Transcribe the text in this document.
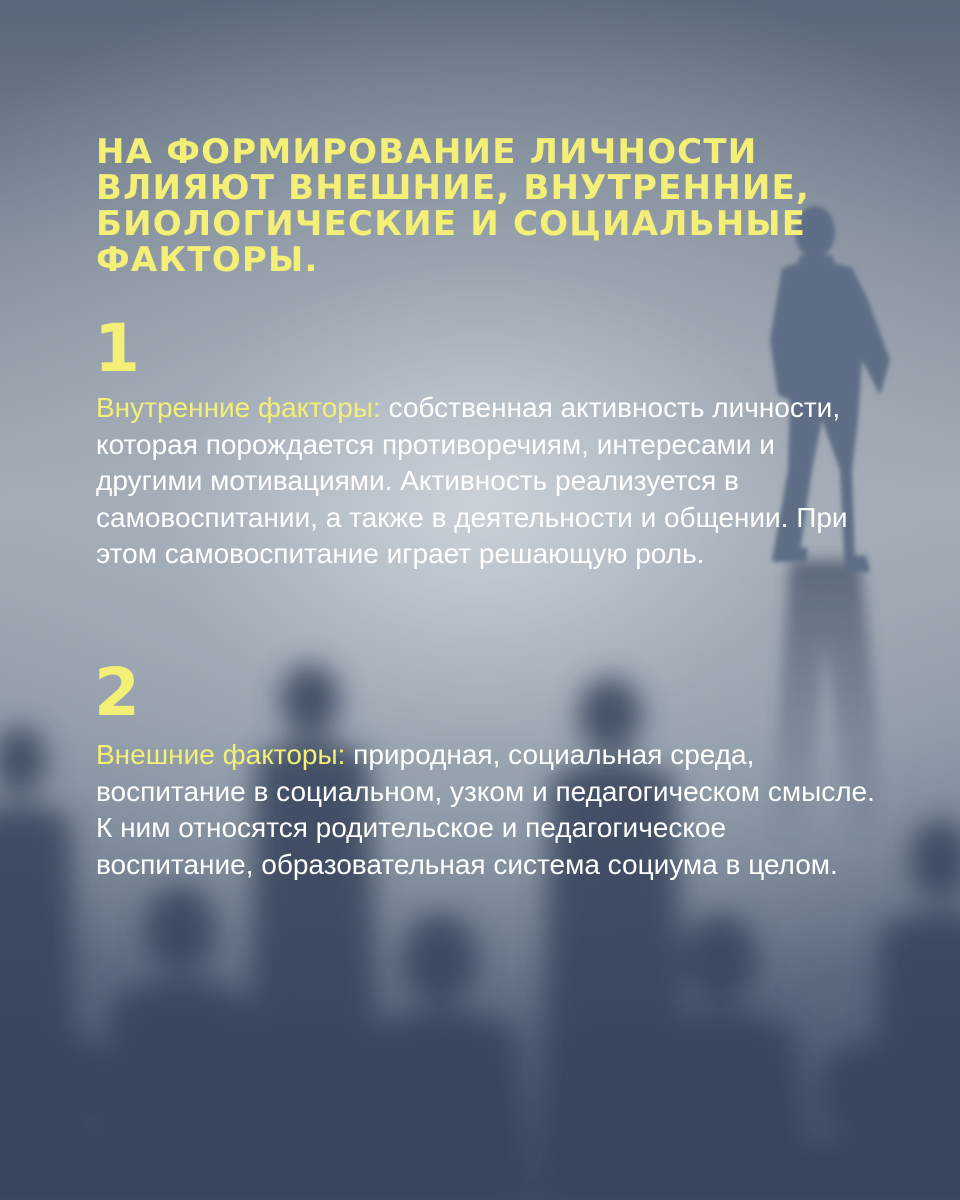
НА ФОРМИРОВАНИЕ ЛИЧНОСТИ ВЛИЯЮТ ВНЕШНИЕ, ВНУТРЕННИЕ, БИОЛОГИЧЕСКИЕ И СОЦИАЛЬНЫЕ ФАКТОРЫ.
1

Внутренние факторы: собственная активность личности, которая порождается противоречиям, интересами и другими мотивациями. Активность реализуется в самовоспитании, а также в деятельности и общении. При этом самовоспитание играет решающую роль.

2

Внешние факторы: природная, социальная среда, воспитание в социальном, узком и педагогическом смысле. К ним относятся родительское и педагогическое воспитание, образовательная система социума в целом.
